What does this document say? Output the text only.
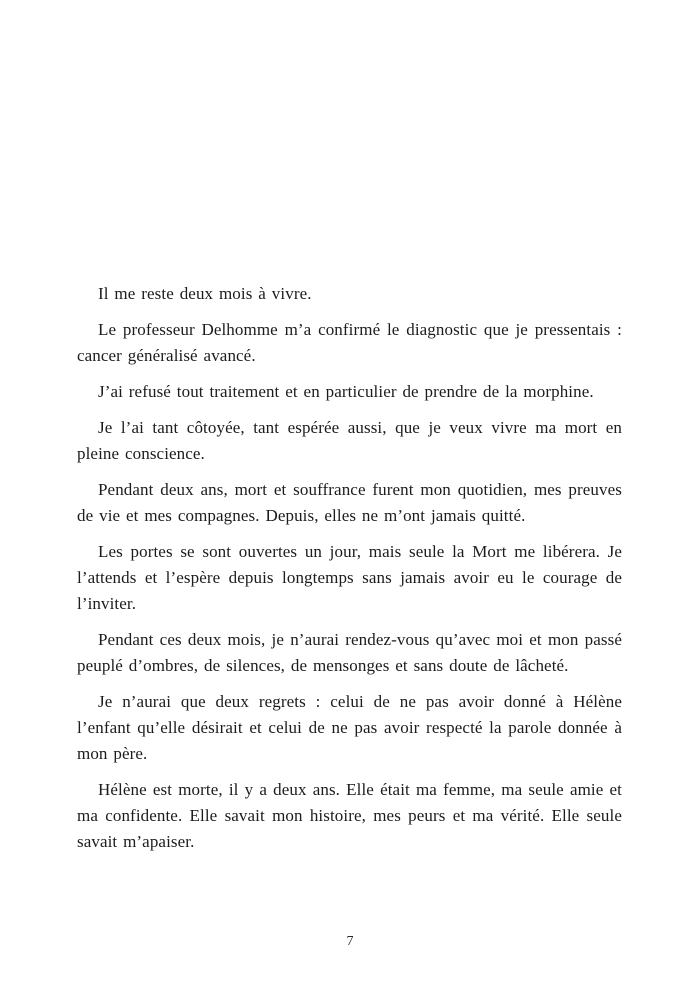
Il me reste deux mois à vivre.

Le professeur Delhomme m’a confirmé le diagnostic que je pressentais : cancer généralisé avancé.

J’ai refusé tout traitement et en particulier de prendre de la morphine.

Je l’ai tant côtoyée, tant espérée aussi, que je veux vivre ma mort en pleine conscience.

Pendant deux ans, mort et souffrance furent mon quotidien, mes preuves de vie et mes compagnes. Depuis, elles ne m’ont jamais quitté.

Les portes se sont ouvertes un jour, mais seule la Mort me libérera. Je l’attends et l’espère depuis longtemps sans jamais avoir eu le courage de l’inviter.

Pendant ces deux mois, je n’aurai rendez-vous qu’avec moi et mon passé peuplé d’ombres, de silences, de mensonges et sans doute de lâcheté.

Je n’aurai que deux regrets : celui de ne pas avoir donné à Hélène l’enfant qu’elle désirait et celui de ne pas avoir respecté la parole donnée à mon père.

Hélène est morte, il y a deux ans. Elle était ma femme, ma seule amie et ma confidente. Elle savait mon histoire, mes peurs et ma vérité. Elle seule savait m’apaiser.

7
